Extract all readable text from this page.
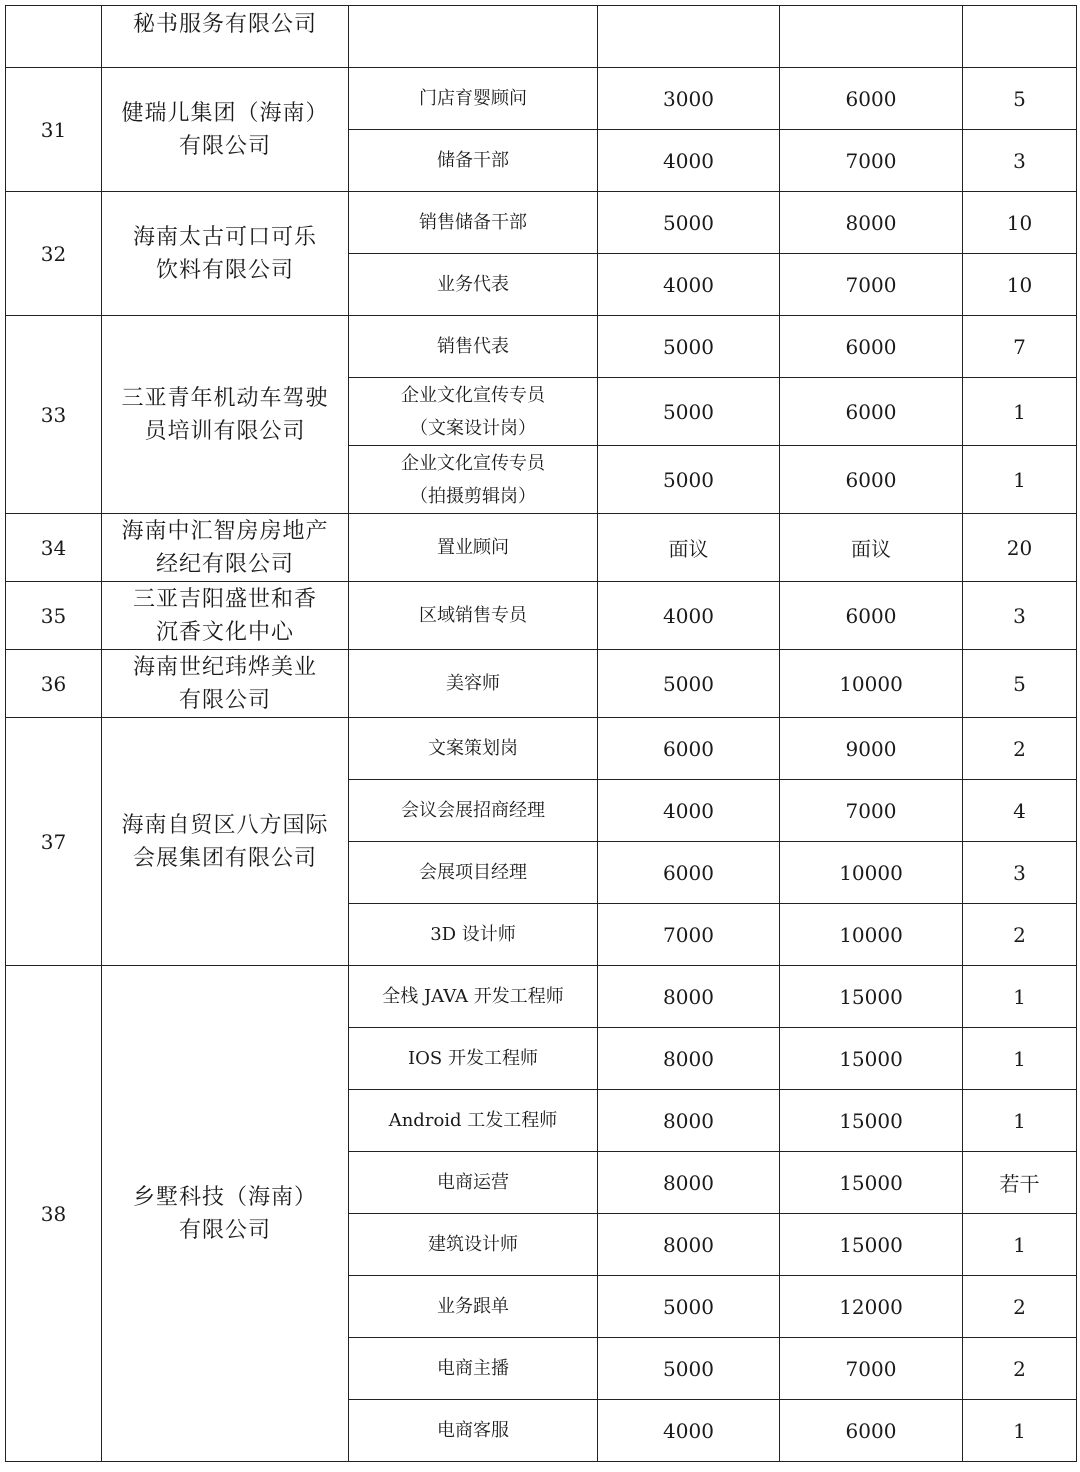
	秘书服务有限公司				
31	健瑞儿集团（海南）
有限公司	门店育婴顾问	3000	6000	5
		储备干部	4000	7000	3
32	海南太古可口可乐
饮料有限公司	销售储备干部	5000	8000	10
		业务代表	4000	7000	10
33	三亚青年机动车驾驶
员培训有限公司	销售代表	5000	6000	7
		企业文化宣传专员
（文案设计岗）	5000	6000	1
		企业文化宣传专员
（拍摄剪辑岗）	5000	6000	1
34	海南中汇智房房地产
经纪有限公司	置业顾问	面议	面议	20
35	三亚吉阳盛世和香
沉香文化中心	区域销售专员	4000	6000	3
36	海南世纪玮烨美业
有限公司	美容师	5000	10000	5
37	海南自贸区八方国际
会展集团有限公司	文案策划岗	6000	9000	2
		会议会展招商经理	4000	7000	4
		会展项目经理	6000	10000	3
		3D 设计师	7000	10000	2
38	乡墅科技（海南）
有限公司	全栈 JAVA 开发工程师	8000	15000	1
		IOS 开发工程师	8000	15000	1
		Android 工发工程师	8000	15000	1
		电商运营	8000	15000	若干
		建筑设计师	8000	15000	1
		业务跟单	5000	12000	2
		电商主播	5000	7000	2
		电商客服	4000	6000	1
